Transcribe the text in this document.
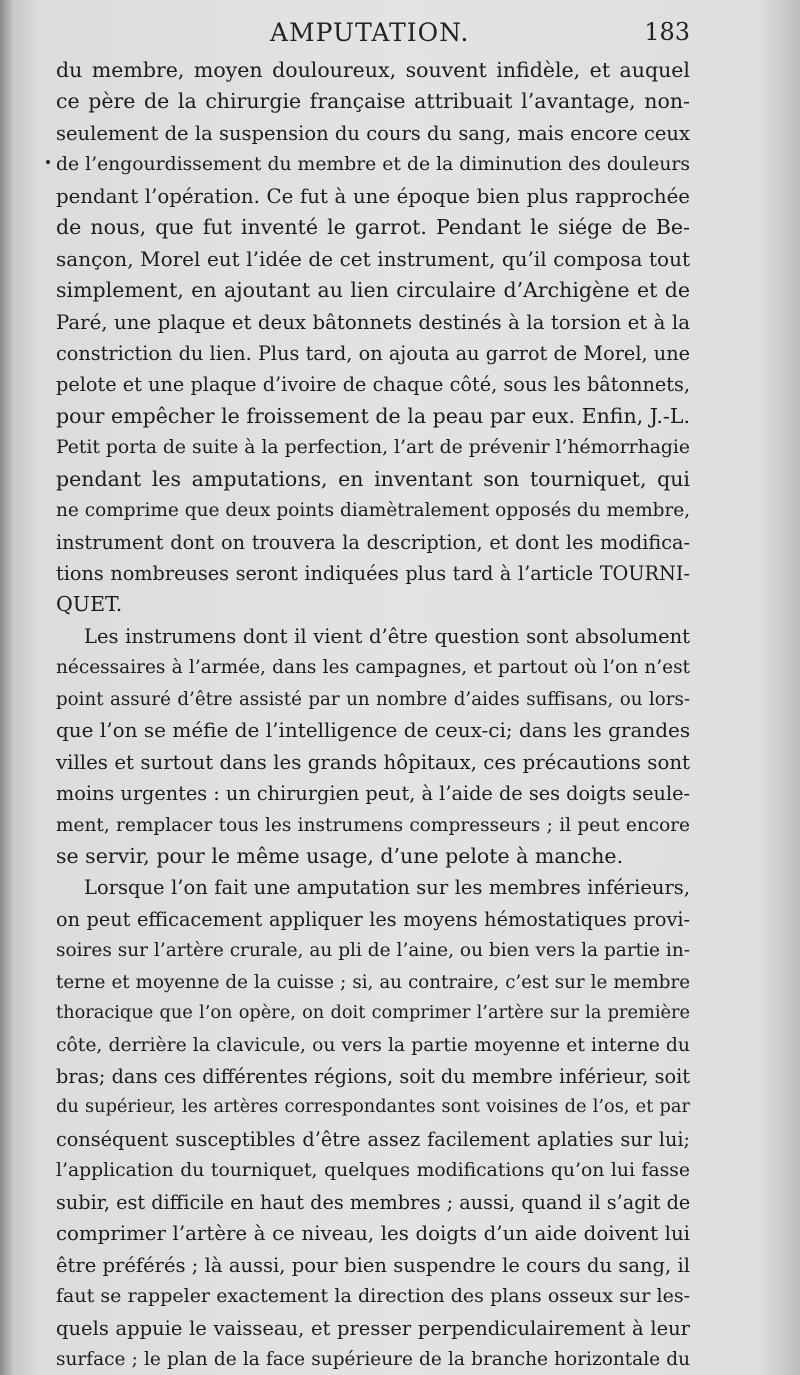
AMPUTATION.	183
du membre, moyen douloureux, souvent infidèle, et auquel
ce père de la chirurgie française attribuait l’avantage, non-
seulement de la suspension du cours du sang, mais encore ceux
de l’engourdissement du membre et de la diminution des douleurs
pendant l’opération. Ce fut à une époque bien plus rapprochée
de nous, que fut inventé le garrot. Pendant le siége de Be-
sançon, Morel eut l’idée de cet instrument, qu’il composa tout
simplement, en ajoutant au lien circulaire d’Archigène et de
Paré, une plaque et deux bâtonnets destinés à la torsion et à la
constriction du lien. Plus tard, on ajouta au garrot de Morel, une
pelote et une plaque d’ivoire de chaque côté, sous les bâtonnets,
pour empêcher le froissement de la peau par eux. Enfin, J.-L.
Petit porta de suite à la perfection, l’art de prévenir l’hémorrhagie
pendant les amputations, en inventant son tourniquet, qui
ne comprime que deux points diamètralement opposés du membre,
instrument dont on trouvera la description, et dont les modifica-
tions nombreuses seront indiquées plus tard à l’article TOURNI-
QUET.
Les instrumens dont il vient d’être question sont absolument
nécessaires à l’armée, dans les campagnes, et partout où l’on n’est
point assuré d’être assisté par un nombre d’aides suffisans, ou lors-
que l’on se méfie de l’intelligence de ceux-ci; dans les grandes
villes et surtout dans les grands hôpitaux, ces précautions sont
moins urgentes : un chirurgien peut, à l’aide de ses doigts seule-
ment, remplacer tous les instrumens compresseurs ; il peut encore
se servir, pour le même usage, d’une pelote à manche.
Lorsque l’on fait une amputation sur les membres inférieurs,
on peut efficacement appliquer les moyens hémostatiques provi-
soires sur l’artère crurale, au pli de l’aine, ou bien vers la partie in-
terne et moyenne de la cuisse ; si, au contraire, c’est sur le membre
thoracique que l’on opère, on doit comprimer l’artère sur la première
côte, derrière la clavicule, ou vers la partie moyenne et interne du
bras; dans ces différentes régions, soit du membre inférieur, soit
du supérieur, les artères correspondantes sont voisines de l’os, et par
conséquent susceptibles d’être assez facilement aplaties sur lui;
l’application du tourniquet, quelques modifications qu’on lui fasse
subir, est difficile en haut des membres ; aussi, quand il s’agit de
comprimer l’artère à ce niveau, les doigts d’un aide doivent lui
être préférés ; là aussi, pour bien suspendre le cours du sang, il
faut se rappeler exactement la direction des plans osseux sur les-
quels appuie le vaisseau, et presser perpendiculairement à leur
surface ; le plan de la face supérieure de la branche horizontale du
